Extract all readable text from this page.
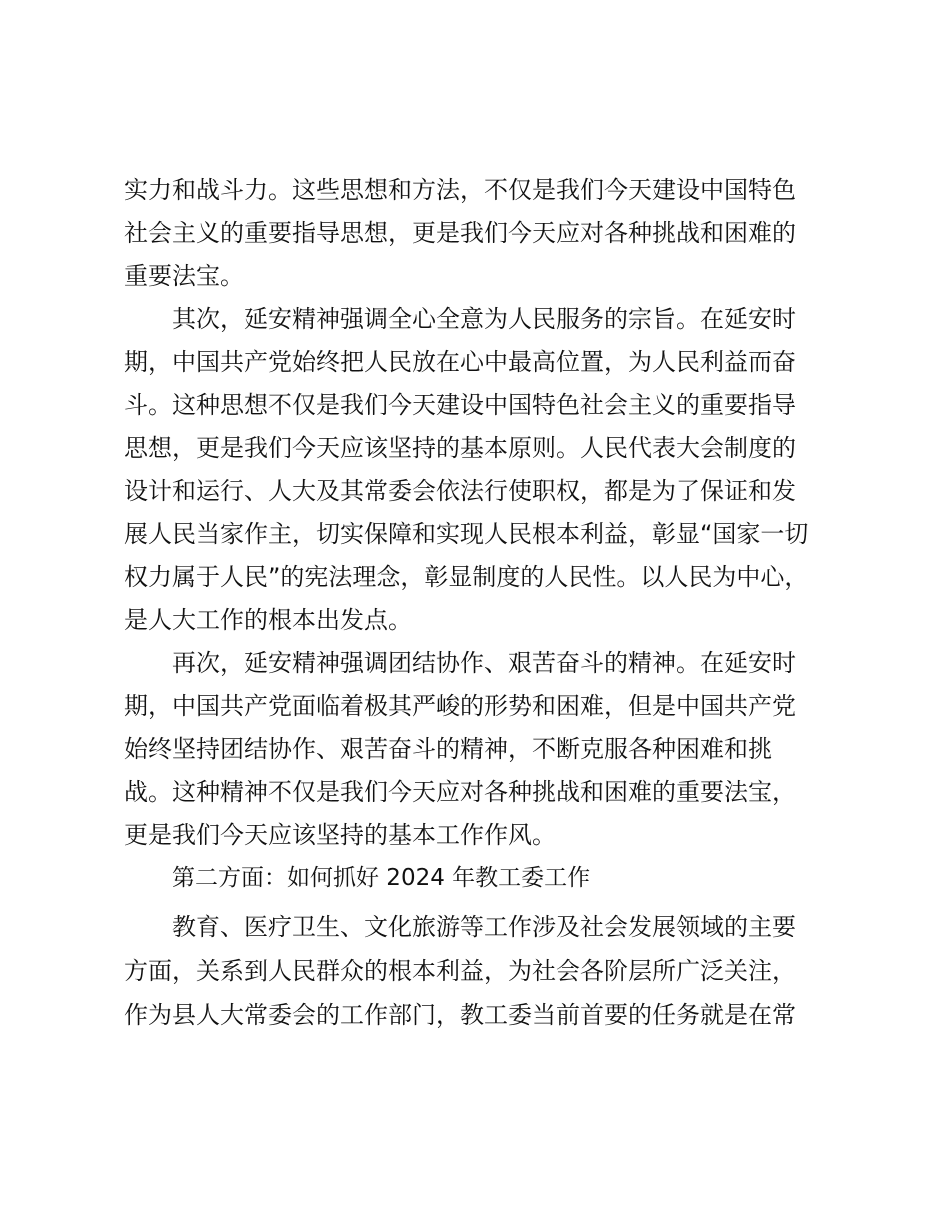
实力和战斗力。这些思想和方法，不仅是我们今天建设中国特色
社会主义的重要指导思想，更是我们今天应对各种挑战和困难的
重要法宝。
其次，延安精神强调全心全意为人民服务的宗旨。在延安时
期，中国共产党始终把人民放在心中最高位置，为人民利益而奋
斗。这种思想不仅是我们今天建设中国特色社会主义的重要指导
思想，更是我们今天应该坚持的基本原则。人民代表大会制度的
设计和运行、人大及其常委会依法行使职权，都是为了保证和发
展人民当家作主，切实保障和实现人民根本利益，彰显“国家一切
权力属于人民”的宪法理念，彰显制度的人民性。以人民为中心，
是人大工作的根本出发点。
再次，延安精神强调团结协作、艰苦奋斗的精神。在延安时
期，中国共产党面临着极其严峻的形势和困难，但是中国共产党
始终坚持团结协作、艰苦奋斗的精神，不断克服各种困难和挑
战。这种精神不仅是我们今天应对各种挑战和困难的重要法宝，
更是我们今天应该坚持的基本工作作风。
第二方面：如何抓好 2024 年教工委工作
教育、医疗卫生、文化旅游等工作涉及社会发展领域的主要
方面，关系到人民群众的根本利益，为社会各阶层所广泛关注，
作为县人大常委会的工作部门，教工委当前首要的任务就是在常
